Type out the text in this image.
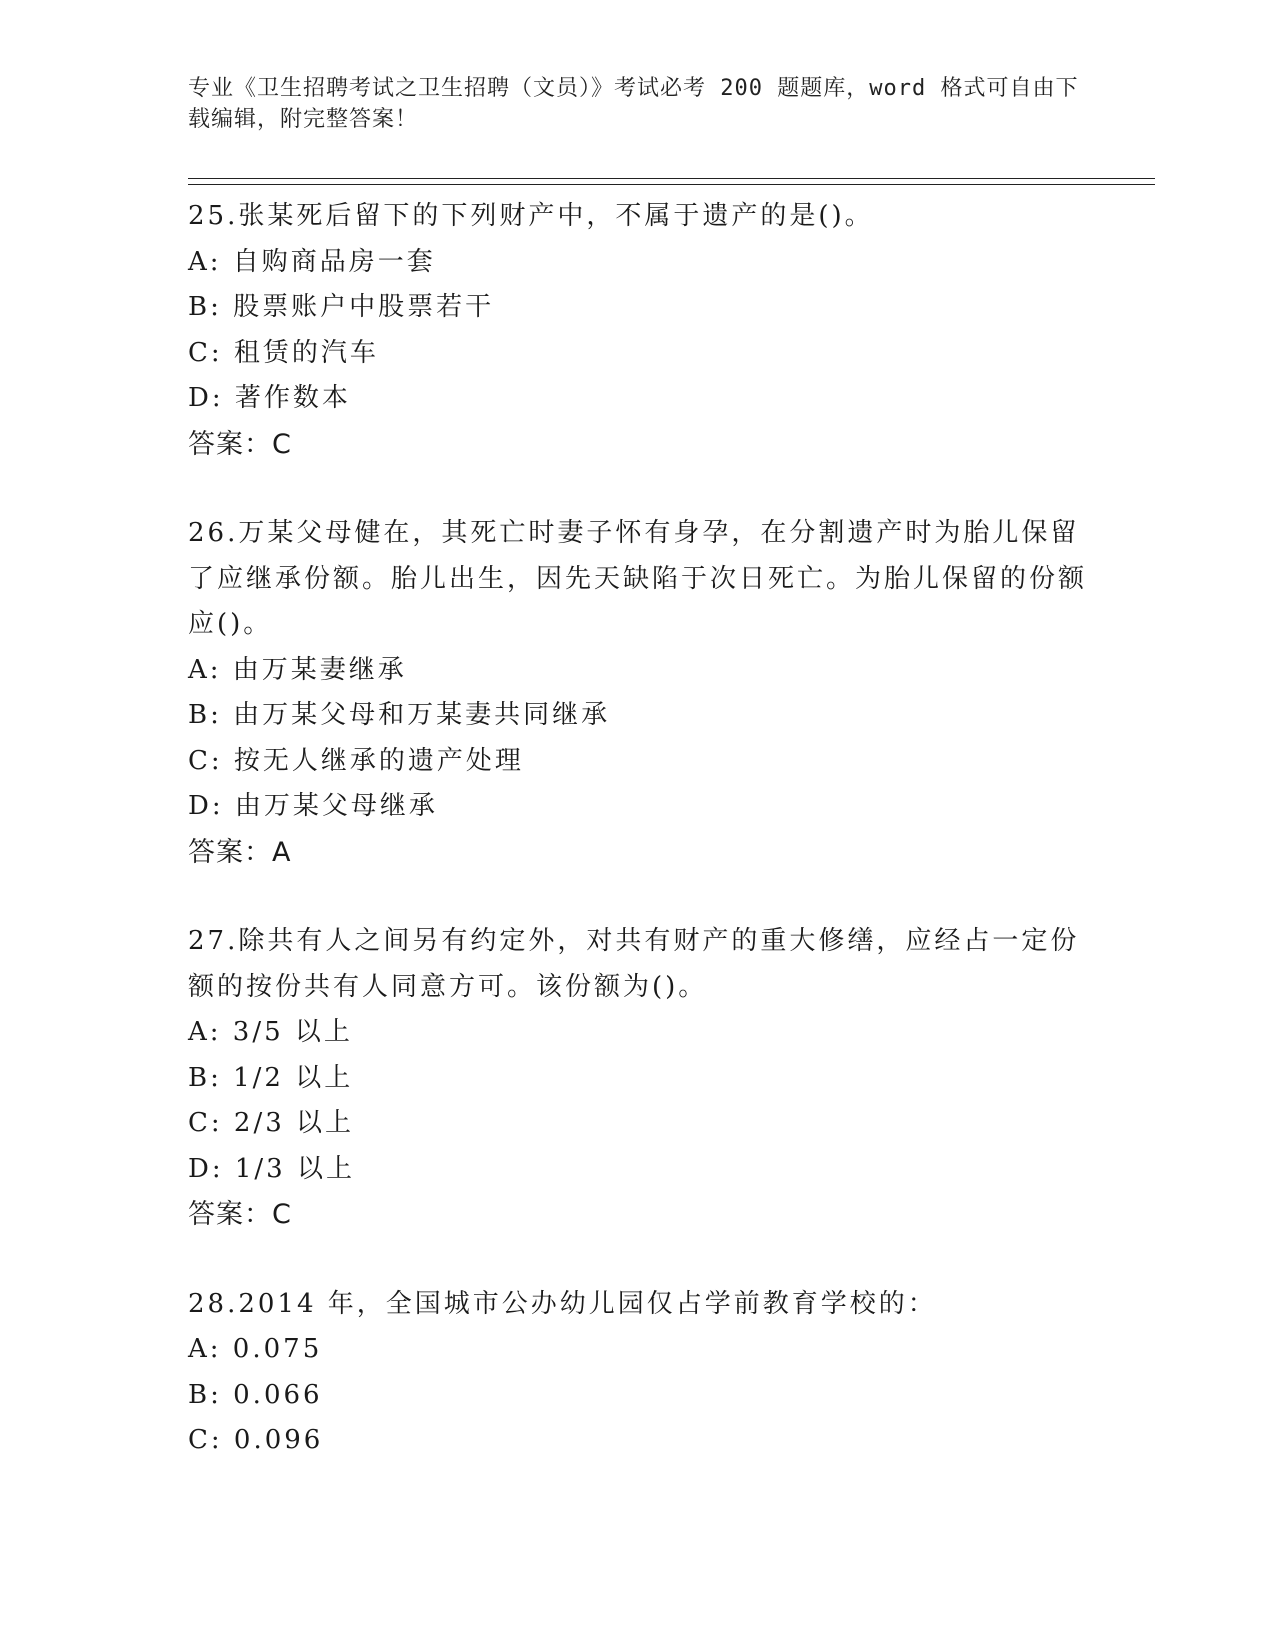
专业《卫生招聘考试之卫生招聘（文员）》考试必考 200 题题库，word 格式可自由下载编辑，附完整答案！
25.张某死后留下的下列财产中，不属于遗产的是()。
A: 自购商品房一套
B: 股票账户中股票若干
C: 租赁的汽车
D: 著作数本
答案：C
26.万某父母健在，其死亡时妻子怀有身孕，在分割遗产时为胎儿保留了应继承份额。胎儿出生，因先天缺陷于次日死亡。为胎儿保留的份额应()。
A: 由万某妻继承
B: 由万某父母和万某妻共同继承
C: 按无人继承的遗产处理
D: 由万某父母继承
答案：A
27.除共有人之间另有约定外，对共有财产的重大修缮，应经占一定份额的按份共有人同意方可。该份额为()。
A: 3/5 以上
B: 1/2 以上
C: 2/3 以上
D: 1/3 以上
答案：C
28.2014 年，全国城市公办幼儿园仅占学前教育学校的：
A: 0.075
B: 0.066
C: 0.096
